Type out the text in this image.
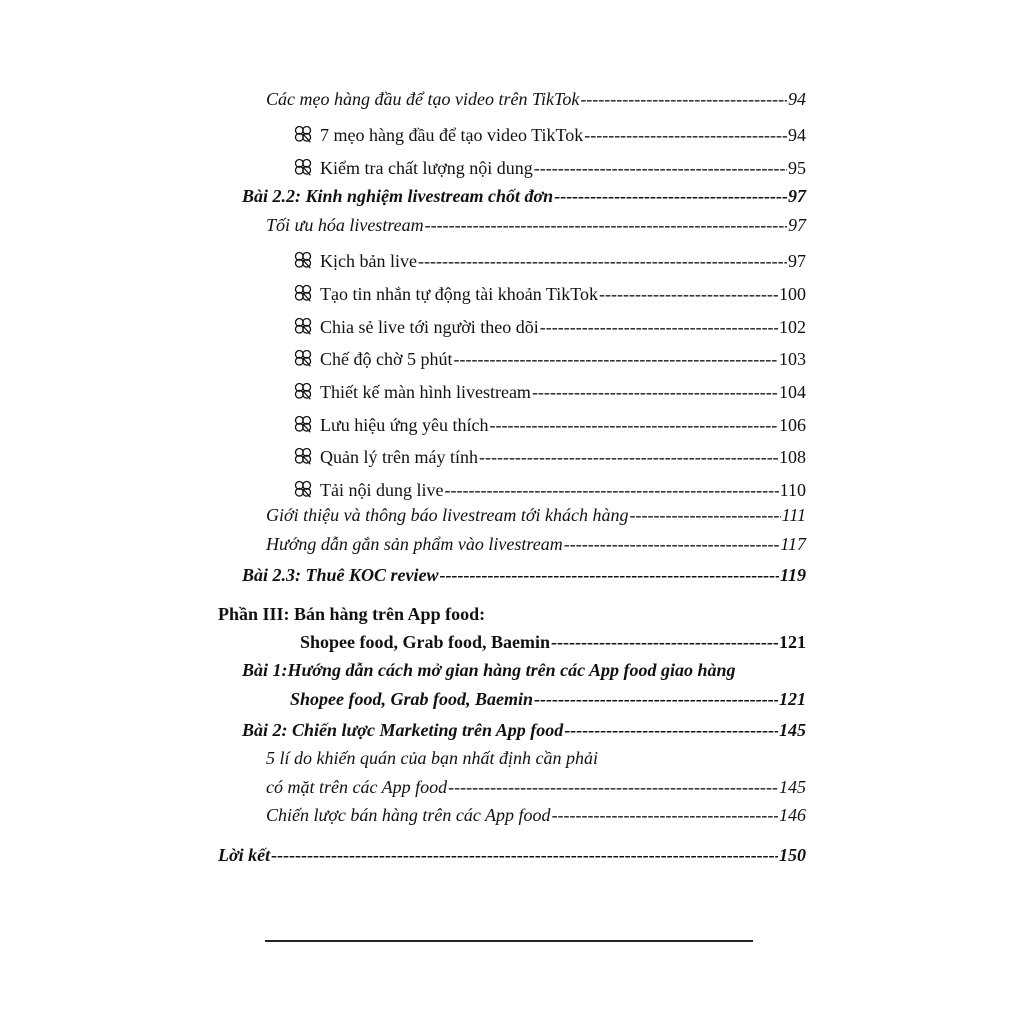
Các mẹo hàng đầu để tạo video trên TikTok -----	94
7 mẹo hàng đầu để tạo video TikTok -----	94
Kiểm tra chất lượng nội dung -----	95
Bài 2.2: Kinh nghiệm livestream chốt đơn -----	97
Tối ưu hóa livestream -----	97
Kịch bản live -----	97
Tạo tin nhắn tự động tài khoản TikTok -----	100
Chia sẻ live tới người theo dõi -----	102
Chế độ chờ 5 phút -----	103
Thiết kế màn hình livestream -----	104
Lưu hiệu ứng yêu thích -----	106
Quản lý trên máy tính -----	108
Tải nội dung live -----	110
Giới thiệu và thông báo livestream tới khách hàng -----	111
Hướng dẫn gắn sản phẩm vào livestream -----	117
Bài 2.3: Thuê KOC review -----	119
Phần III: Bán hàng trên App food:
Shopee food, Grab food, Baemin -----	121
Bài 1:Hướng dẫn cách mở gian hàng trên các App food giao hàng
Shopee food, Grab food, Baemin -----	121
Bài 2: Chiến lược Marketing trên App food -----	145
5 lí do khiến quán của bạn nhất định cần phải
có mặt trên các App food -----	145
Chiến lược bán hàng trên các App food -----	146
Lời kết -----	150
